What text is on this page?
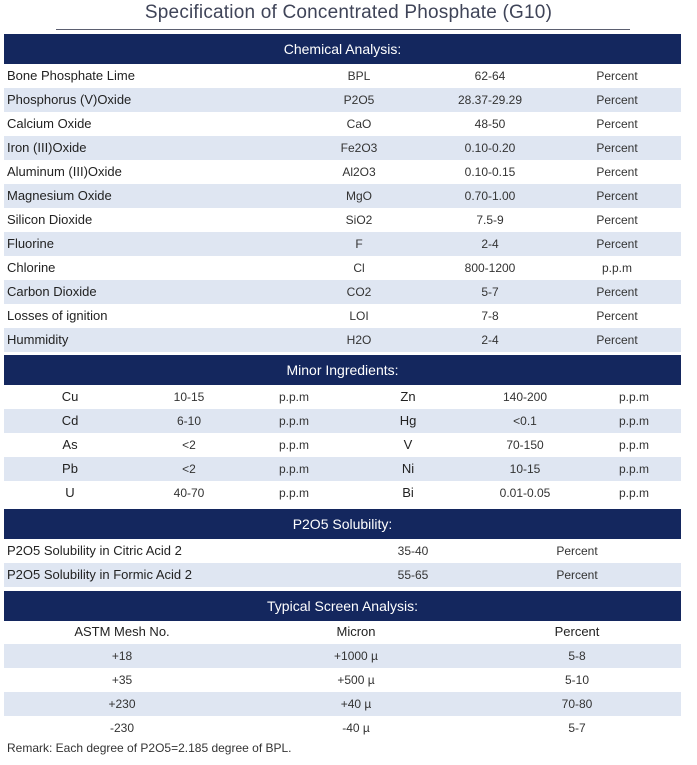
Specification of Concentrated Phosphate (G10)
Chemical Analysis:
Bone Phosphate Lime	BPL	62-64	Percent
Phosphorus (V)Oxide	P2O5	28.37-29.29	Percent
Calcium Oxide	CaO	48-50	Percent
Iron (III)Oxide	Fe2O3	0.10-0.20	Percent
Aluminum (III)Oxide	Al2O3	0.10-0.15	Percent
Magnesium Oxide	MgO	0.70-1.00	Percent
Silicon Dioxide	SiO2	7.5-9	Percent
Fluorine	F	2-4	Percent
Chlorine	Cl	800-1200	p.p.m
Carbon Dioxide	CO2	5-7	Percent
Losses of ignition	LOI	7-8	Percent
Hummidity	H2O	2-4	Percent
Minor Ingredients:
Cu	10-15	p.p.m	Zn	140-200	p.p.m
Cd	6-10	p.p.m	Hg	<0.1	p.p.m
As	<2	p.p.m	V	70-150	p.p.m
Pb	<2	p.p.m	Ni	10-15	p.p.m
U	40-70	p.p.m	Bi	0.01-0.05	p.p.m
P2O5 Solubility:
P2O5 Solubility in Citric Acid 2	35-40	Percent
P2O5 Solubility in Formic Acid 2	55-65	Percent
Typical Screen Analysis:
ASTM Mesh No.	Micron	Percent
+18	+1000 µ	5-8
+35	+500 µ	5-10
+230	+40 µ	70-80
-230	-40 µ	5-7
Remark: Each degree of P2O5=2.185 degree of BPL.
